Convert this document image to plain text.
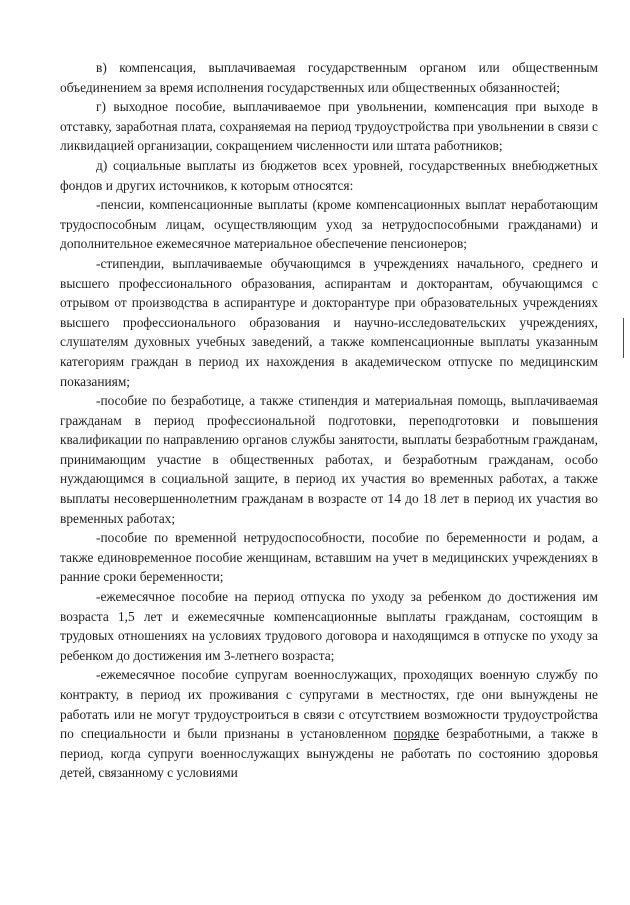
в) компенсация, выплачиваемая государственным органом или общественным объединением за время исполнения государственных или общественных обязанностей;

г) выходное пособие, выплачиваемое при увольнении, компенсация при выходе в отставку, заработная плата, сохраняемая на период трудоустройства при увольнении в связи с ликвидацией организации, сокращением численности или штата работников;

д) социальные выплаты из бюджетов всех уровней, государственных внебюджетных фондов и других источников, к которым относятся:

-пенсии, компенсационные выплаты (кроме компенсационных выплат неработающим трудоспособным лицам, осуществляющим уход за нетрудоспособными гражданами) и дополнительное ежемесячное материальное обеспечение пенсионеров;

-стипендии, выплачиваемые обучающимся в учреждениях начального, среднего и высшего профессионального образования, аспирантам и докторантам, обучающимся с отрывом от производства в аспирантуре и докторантуре при образовательных учреждениях высшего профессионального образования и научно-исследовательских учреждениях, слушателям духовных учебных заведений, а также компенсационные выплаты указанным категориям граждан в период их нахождения в академическом отпуске по медицинским показаниям;

-пособие по безработице, а также стипендия и материальная помощь, выплачиваемая гражданам в период профессиональной подготовки, переподготовки и повышения квалификации по направлению органов службы занятости, выплаты безработным гражданам, принимающим участие в общественных работах, и безработным гражданам, особо нуждающимся в социальной защите, в период их участия во временных работах, а также выплаты несовершеннолетним гражданам в возрасте от 14 до 18 лет в период их участия во временных работах;

-пособие по временной нетрудоспособности, пособие по беременности и родам, а также единовременное пособие женщинам, вставшим на учет в медицинских учреждениях в ранние сроки беременности;

-ежемесячное пособие на период отпуска по уходу за ребенком до достижения им возраста 1,5 лет и ежемесячные компенсационные выплаты гражданам, состоящим в трудовых отношениях на условиях трудового договора и находящимся в отпуске по уходу за ребенком до достижения им 3-летнего возраста;

-ежемесячное пособие супругам военнослужащих, проходящих военную службу по контракту, в период их проживания с супругами в местностях, где они вынуждены не работать или не могут трудоустроиться в связи с отсутствием возможности трудоустройства по специальности и были признаны в установленном порядке безработными, а также в период, когда супруги военнослужащих вынуждены не работать по состоянию здоровья детей, связанному с условиями
